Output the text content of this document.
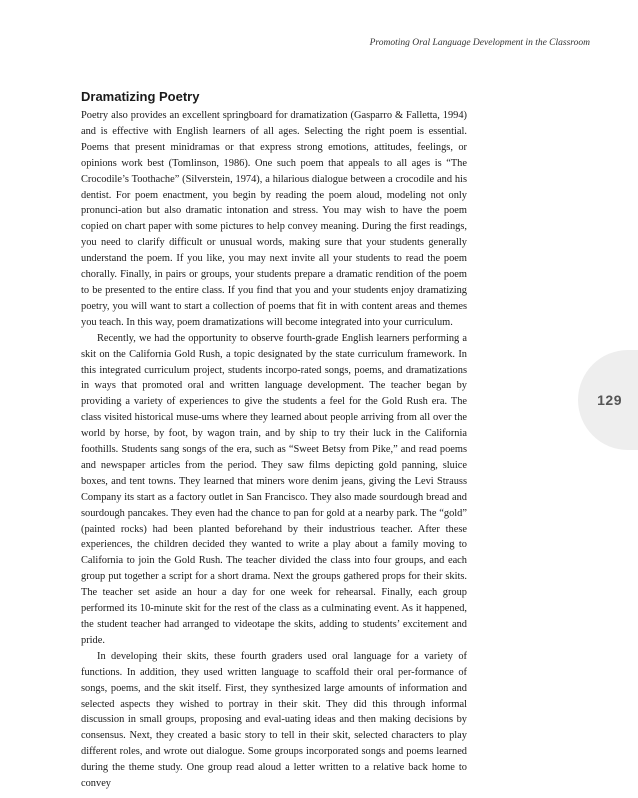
Promoting Oral Language Development in the Classroom
129
Dramatizing Poetry

Poetry also provides an excellent springboard for dramatization (Gasparro & Falletta, 1994) and is effective with English learners of all ages. Selecting the right poem is essential. Poems that present minidramas or that express strong emotions, attitudes, feelings, or opinions work best (Tomlinson, 1986). One such poem that appeals to all ages is “The Crocodile’s Toothache” (Silverstein, 1974), a hilarious dialogue between a crocodile and his dentist. For poem enactment, you begin by reading the poem aloud, modeling not only pronunci-ation but also dramatic intonation and stress. You may wish to have the poem copied on chart paper with some pictures to help convey meaning. During the first readings, you need to clarify difficult or unusual words, making sure that your students generally understand the poem. If you like, you may next invite all your students to read the poem chorally. Finally, in pairs or groups, your students prepare a dramatic rendition of the poem to be presented to the entire class. If you find that you and your students enjoy dramatizing poetry, you will want to start a collection of poems that fit in with content areas and themes you teach. In this way, poem dramatizations will become integrated into your curriculum.

Recently, we had the opportunity to observe fourth-grade English learners performing a skit on the California Gold Rush, a topic designated by the state curriculum framework. In this integrated curriculum project, students incorpo-rated songs, poems, and dramatizations in ways that promoted oral and written language development. The teacher began by providing a variety of experiences to give the students a feel for the Gold Rush era. The class visited historical muse-ums where they learned about people arriving from all over the world by horse, by foot, by wagon train, and by ship to try their luck in the California foothills. Students sang songs of the era, such as “Sweet Betsy from Pike,” and read poems and newspaper articles from the period. They saw films depicting gold panning, sluice boxes, and tent towns. They learned that miners wore denim jeans, giving the Levi Strauss Company its start as a factory outlet in San Francisco. They also made sourdough bread and sourdough pancakes. They even had the chance to pan for gold at a nearby park. The “gold” (painted rocks) had been planted beforehand by their industrious teacher. After these experiences, the children decided they wanted to write a play about a family moving to California to join the Gold Rush. The teacher divided the class into four groups, and each group put together a script for a short drama. Next the groups gathered props for their skits. The teacher set aside an hour a day for one week for rehearsal. Finally, each group performed its 10-minute skit for the rest of the class as a culminating event. As it happened, the student teacher had arranged to videotape the skits, adding to students’ excitement and pride.

In developing their skits, these fourth graders used oral language for a variety of functions. In addition, they used written language to scaffold their oral per-formance of songs, poems, and the skit itself. First, they synthesized large amounts of information and selected aspects they wished to portray in their skit. They did this through informal discussion in small groups, proposing and eval-uating ideas and then making decisions by consensus. Next, they created a basic story to tell in their skit, selected characters to play different roles, and wrote out dialogue. Some groups incorporated songs and poems learned during the theme study. One group read aloud a letter written to a relative back home to convey
